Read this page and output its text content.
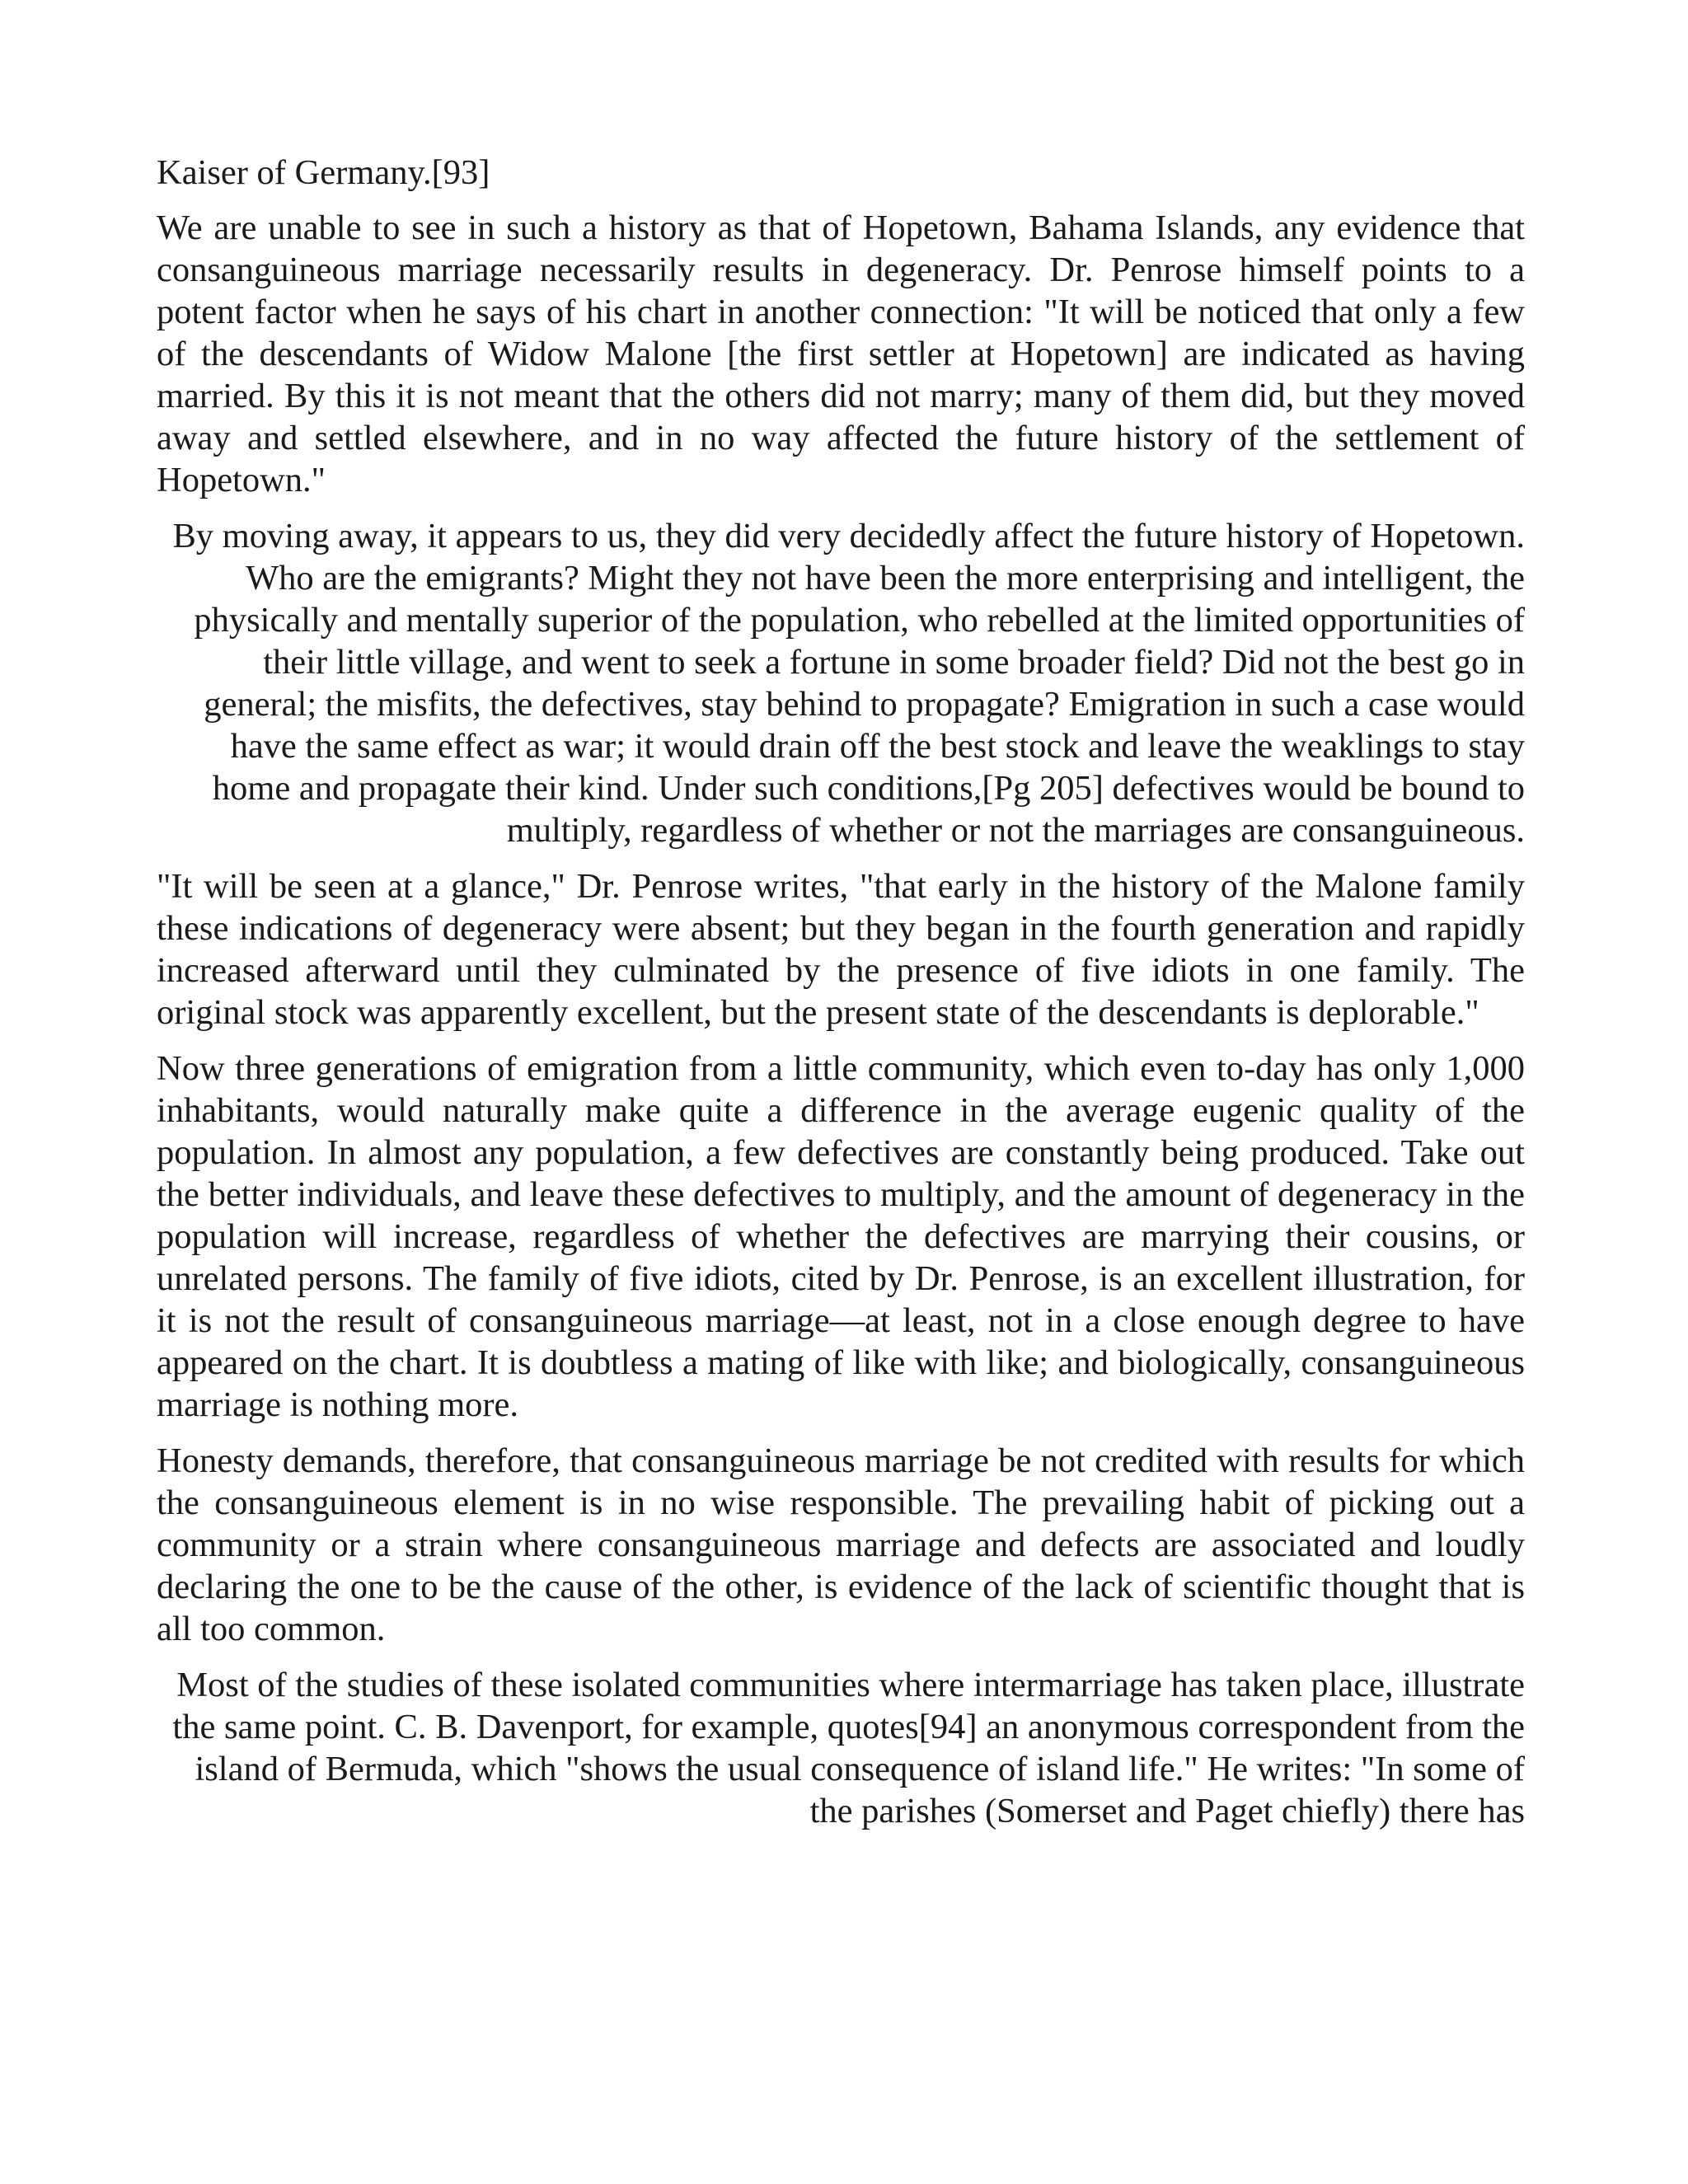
Kaiser of Germany.[93]

We are unable to see in such a history as that of Hopetown, Bahama Islands, any evidence that consanguineous marriage necessarily results in degeneracy. Dr. Penrose himself points to a potent factor when he says of his chart in another connection: "It will be noticed that only a few of the descendants of Widow Malone [the first settler at Hopetown] are indicated as having married. By this it is not meant that the others did not marry; many of them did, but they moved away and settled elsewhere, and in no way affected the future history of the settlement of Hopetown."

By moving away, it appears to us, they did very decidedly affect the future history of Hopetown. Who are the emigrants? Might they not have been the more enterprising and intelligent, the physically and mentally superior of the population, who rebelled at the limited opportunities of their little village, and went to seek a fortune in some broader field? Did not the best go in general; the misfits, the defectives, stay behind to propagate? Emigration in such a case would have the same effect as war; it would drain off the best stock and leave the weaklings to stay home and propagate their kind. Under such conditions,[Pg 205] defectives would be bound to multiply, regardless of whether or not the marriages are consanguineous.

"It will be seen at a glance," Dr. Penrose writes, "that early in the history of the Malone family these indications of degeneracy were absent; but they began in the fourth generation and rapidly increased afterward until they culminated by the presence of five idiots in one family. The original stock was apparently excellent, but the present state of the descendants is deplorable."

Now three generations of emigration from a little community, which even to-day has only 1,000 inhabitants, would naturally make quite a difference in the average eugenic quality of the population. In almost any population, a few defectives are constantly being produced. Take out the better individuals, and leave these defectives to multiply, and the amount of degeneracy in the population will increase, regardless of whether the defectives are marrying their cousins, or unrelated persons. The family of five idiots, cited by Dr. Penrose, is an excellent illustration, for it is not the result of consanguineous marriage—at least, not in a close enough degree to have appeared on the chart. It is doubtless a mating of like with like; and biologically, consanguineous marriage is nothing more.

Honesty demands, therefore, that consanguineous marriage be not credited with results for which the consanguineous element is in no wise responsible. The prevailing habit of picking out a community or a strain where consanguineous marriage and defects are associated and loudly declaring the one to be the cause of the other, is evidence of the lack of scientific thought that is all too common.

Most of the studies of these isolated communities where intermarriage has taken place, illustrate the same point. C. B. Davenport, for example, quotes[94] an anonymous correspondent from the island of Bermuda, which "shows the usual consequence of island life." He writes: "In some of the parishes (Somerset and Paget chiefly) there has
